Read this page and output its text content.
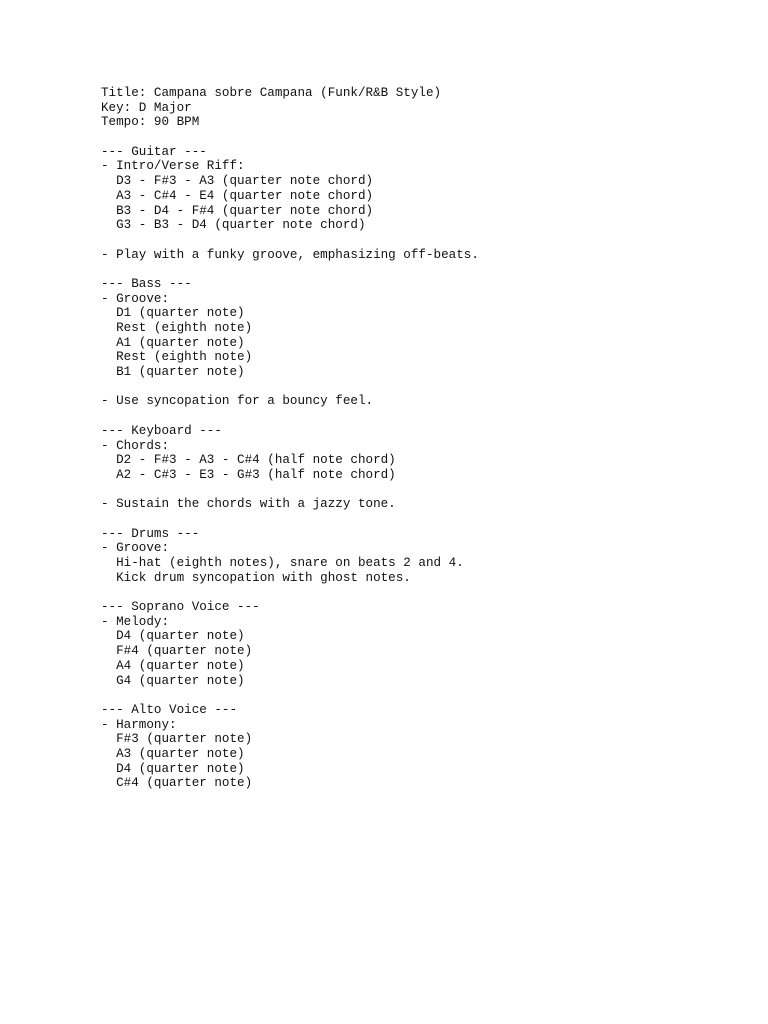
Title: Campana sobre Campana (Funk/R&B Style)
Key: D Major
Tempo: 90 BPM
--- Guitar ---
- Intro/Verse Riff:
D3 - F#3 - A3 (quarter note chord)
A3 - C#4 - E4 (quarter note chord)
B3 - D4 - F#4 (quarter note chord)
G3 - B3 - D4 (quarter note chord)
- Play with a funky groove, emphasizing off-beats.
--- Bass ---
- Groove:
D1 (quarter note)
Rest (eighth note)
A1 (quarter note)
Rest (eighth note)
B1 (quarter note)
- Use syncopation for a bouncy feel.
--- Keyboard ---
- Chords:
D2 - F#3 - A3 - C#4 (half note chord)
A2 - C#3 - E3 - G#3 (half note chord)
- Sustain the chords with a jazzy tone.
--- Drums ---
- Groove:
Hi-hat (eighth notes), snare on beats 2 and 4.
Kick drum syncopation with ghost notes.
--- Soprano Voice ---
- Melody:
D4 (quarter note)
F#4 (quarter note)
A4 (quarter note)
G4 (quarter note)
--- Alto Voice ---
- Harmony:
F#3 (quarter note)
A3 (quarter note)
D4 (quarter note)
C#4 (quarter note)
